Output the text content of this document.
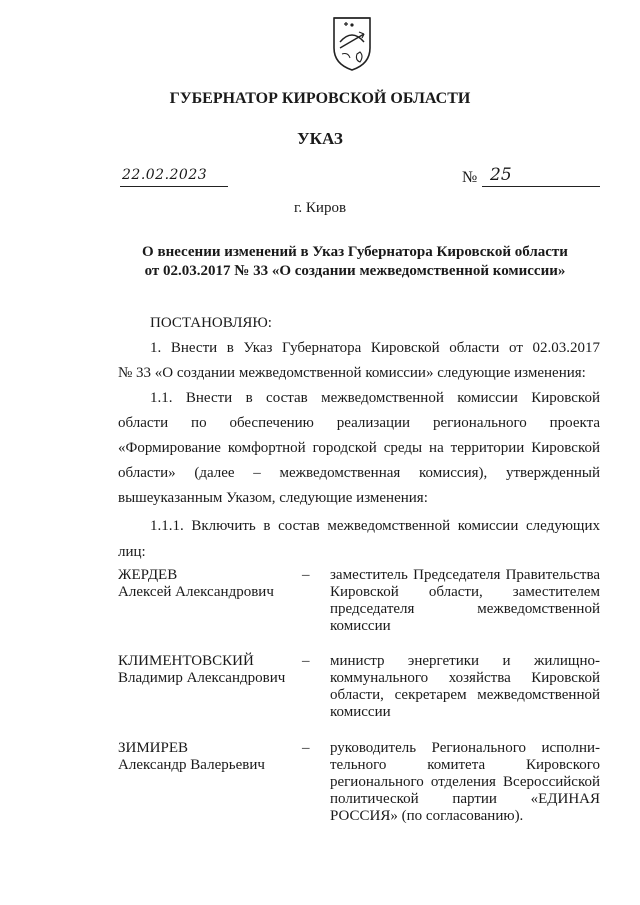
ГУБЕРНАТОР КИРОВСКОЙ ОБЛАСТИ
УКАЗ
22.02.2023	№ 25
г. Киров
О внесении изменений в Указ Губернатора Кировской области
от 02.03.2017 № 33 «О создании межведомственной комиссии»
ПОСТАНОВЛЯЮ:
1. Внести в Указ Губернатора Кировской области от 02.03.2017
№ 33 «О создании межведомственной комиссии» следующие изменения:
1.1. Внести в состав межведомственной комиссии Кировской
области по обеспечению реализации регионального проекта
«Формирование комфортной городской среды на территории Кировской
области» (далее – межведомственная комиссия), утвержденный
вышеуказанным Указом, следующие изменения:
1.1.1. Включить в состав межведомственной комиссии следующих
лиц:
ЖЕРДЕВ
Алексей Александрович
– заместитель Председателя Правительства
Кировской области, заместителем
председателя межведомственной
комиссии
КЛИМЕНТОВСКИЙ
Владимир Александрович
– министр энергетики и жилищно-
коммунального хозяйства Кировской
области, секретарем межведомственной
комиссии
ЗИМИРЕВ
Александр Валерьевич
– руководитель Регионального исполни-
тельного комитета Кировского
регионального отделения Всероссийской
политической партии «ЕДИНАЯ
РОССИЯ» (по согласованию).
